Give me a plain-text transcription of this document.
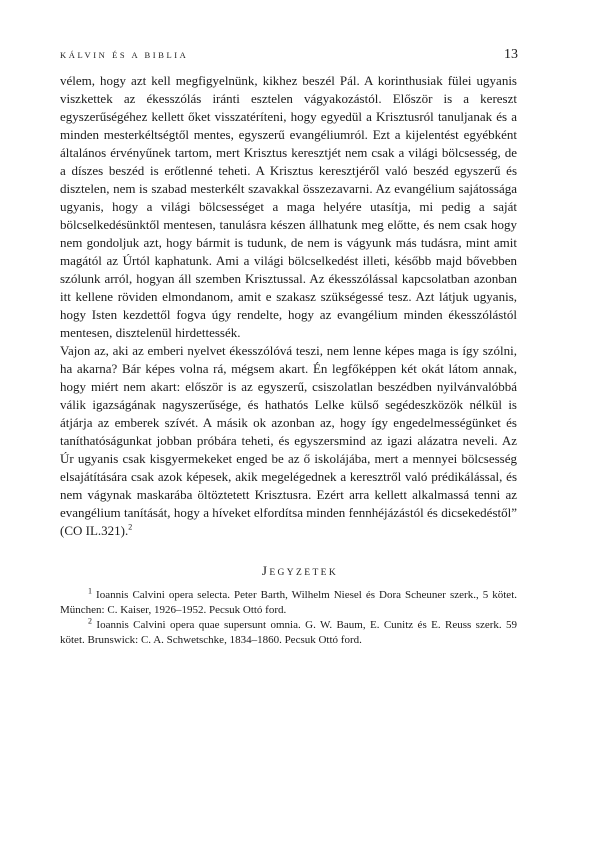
KÁLVIN ÉS A BIBLIA	13

vélem, hogy azt kell megfigyelnünk, kikhez beszél Pál. A korinthusiak fülei ugyanis viszkettek az ékesszólás iránti esztelen vágyakozástól. Először is a kereszt egyszerűségéhez kellett őket visszatéríteni, hogy egyedül a Krisztusról tanuljanak és a minden mesterkéltségtől mentes, egyszerű evangéliumról. Ezt a kijelentést egyébként általános érvényűnek tartom, mert Krisztus keresztjét nem csak a világi bölcsesség, de a díszes beszéd is erőtlenné teheti. A Krisztus keresztjéről való beszéd egyszerű és disztelen, nem is szabad mesterkélt szavakkal összezavarni. Az evangélium sajátossága ugyanis, hogy a világi bölcsességet a maga helyére utasítja, mi pedig a saját bölcselkedésünktől mentesen, tanulásra készen állhatunk meg előtte, és nem csak hogy nem gondoljuk azt, hogy bármit is tudunk, de nem is vágyunk más tudásra, mint amit magától az Úrtól kaphatunk. Ami a világi bölcselkedést illeti, később majd bővebben szólunk arról, hogyan áll szemben Krisztussal. Az ékesszólással kapcsolatban azonban itt kellene röviden elmondanom, amit e szakasz szükségessé tesz. Azt látjuk ugyanis, hogy Isten kezdettől fogva úgy rendelte, hogy az evangélium minden ékesszólástól mentesen, disztelenül hirdettessék.

Vajon az, aki az emberi nyelvet ékesszólóvá teszi, nem lenne képes maga is így szólni, ha akarna? Bár képes volna rá, mégsem akart. Én legfőképpen két okát látom annak, hogy miért nem akart: először is az egyszerű, csiszolatlan beszédben nyilvánvalóbbá válik igazságának nagyszerűsége, és hathatós Lelke külső segédeszközök nélkül is átjárja az emberek szívét. A másik ok azonban az, hogy így engedelmességünket és taníthatóságunkat jobban próbára teheti, és egyszersmind az igazi alázatra neveli. Az Úr ugyanis csak kisgyermekeket enged be az ő iskolájába, mert a mennyei bölcsesség elsajátítására csak azok képesek, akik megelégednek a keresztről való prédikálással, és nem vágynak maskarába öltöztetett Krisztusra. Ezért arra kellett alkalmassá tenni az evangélium tanítását, hogy a híveket elfordítsa minden fennhéjázástól és dicsekedéstől” (CO IL.321).$^2$

JEGYZETEK

$^1$ Ioannis Calvini opera selecta. Peter Barth, Wilhelm Niesel és Dora Scheuner szerk., 5 kötet. München: C. Kaiser, 1926–1952. Pecsuk Ottó ford.

$^2$ Ioannis Calvini opera quae supersunt omnia. G. W. Baum, E. Cunitz és E. Reuss szerk. 59 kötet. Brunswick: C. A. Schwetschke, 1834–1860. Pecsuk Ottó ford.
